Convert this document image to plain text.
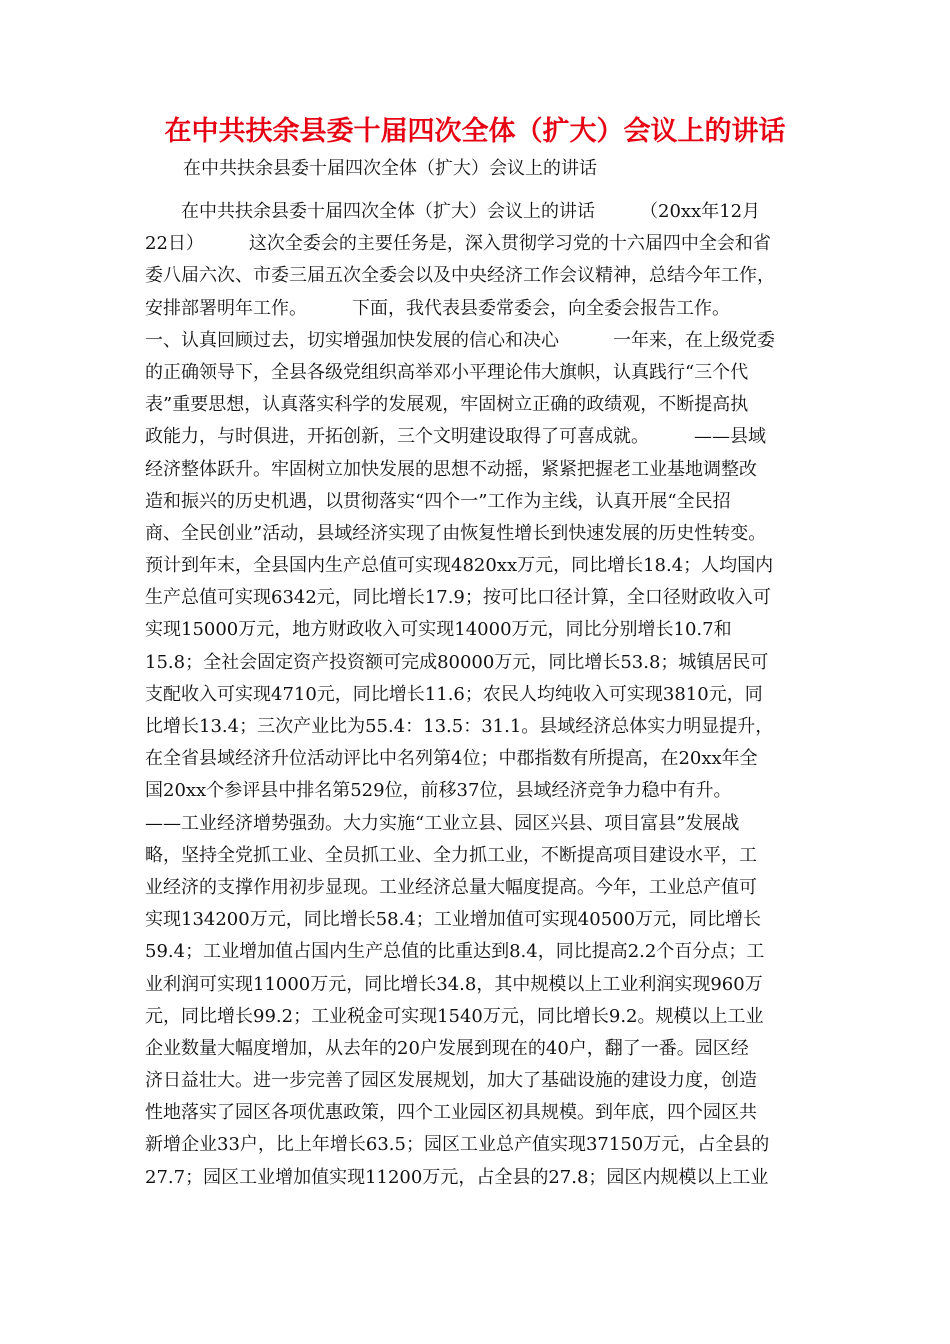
在中共扶余县委十届四次全体（扩大）会议上的讲话

在中共扶余县委十届四次全体（扩大）会议上的讲话

　　在中共扶余县委十届四次全体（扩大）会议上的讲话　　　（20xx年12月
22日）　　　这次全委会的主要任务是，深入贯彻学习党的十六届四中全会和省
委八届六次、市委三届五次全委会以及中央经济工作会议精神，总结今年工作，
安排部署明年工作。　　　下面，我代表县委常委会，向全委会报告工作。
一、认真回顾过去，切实增强加快发展的信心和决心　　　一年来，在上级党委
的正确领导下，全县各级党组织高举邓小平理论伟大旗帜，认真践行“三个代
表”重要思想，认真落实科学的发展观，牢固树立正确的政绩观，不断提高执
政能力，与时俱进，开拓创新，三个文明建设取得了可喜成就。　　　——县域
经济整体跃升。牢固树立加快发展的思想不动摇，紧紧把握老工业基地调整改
造和振兴的历史机遇，以贯彻落实“四个一”工作为主线，认真开展“全民招
商、全民创业”活动，县域经济实现了由恢复性增长到快速发展的历史性转变。
预计到年末，全县国内生产总值可实现4820xx万元，同比增长18.4；人均国内
生产总值可实现6342元，同比增长17.9；按可比口径计算，全口径财政收入可
实现15000万元，地方财政收入可实现14000万元，同比分别增长10.7和
15.8；全社会固定资产投资额可完成80000万元，同比增长53.8；城镇居民可
支配收入可实现4710元，同比增长11.6；农民人均纯收入可实现3810元，同
比增长13.4；三次产业比为55.4：13.5：31.1。县域经济总体实力明显提升，
在全省县域经济升位活动评比中名列第4位；中郡指数有所提高，在20xx年全
国20xx个参评县中排名第529位，前移37位，县域经济竞争力稳中有升。
——工业经济增势强劲。大力实施“工业立县、园区兴县、项目富县”发展战
略，坚持全党抓工业、全员抓工业、全力抓工业，不断提高项目建设水平，工
业经济的支撑作用初步显现。工业经济总量大幅度提高。今年，工业总产值可
实现134200万元，同比增长58.4；工业增加值可实现40500万元，同比增长
59.4；工业增加值占国内生产总值的比重达到8.4，同比提高2.2个百分点；工
业利润可实现11000万元，同比增长34.8，其中规模以上工业利润实现960万
元，同比增长99.2；工业税金可实现1540万元，同比增长9.2。规模以上工业
企业数量大幅度增加，从去年的20户发展到现在的40户，翻了一番。园区经
济日益壮大。进一步完善了园区发展规划，加大了基础设施的建设力度，创造
性地落实了园区各项优惠政策，四个工业园区初具规模。到年底，四个园区共
新增企业33户，比上年增长63.5；园区工业总产值实现37150万元，占全县的
27.7；园区工业增加值实现11200万元，占全县的27.8；园区内规模以上工业
